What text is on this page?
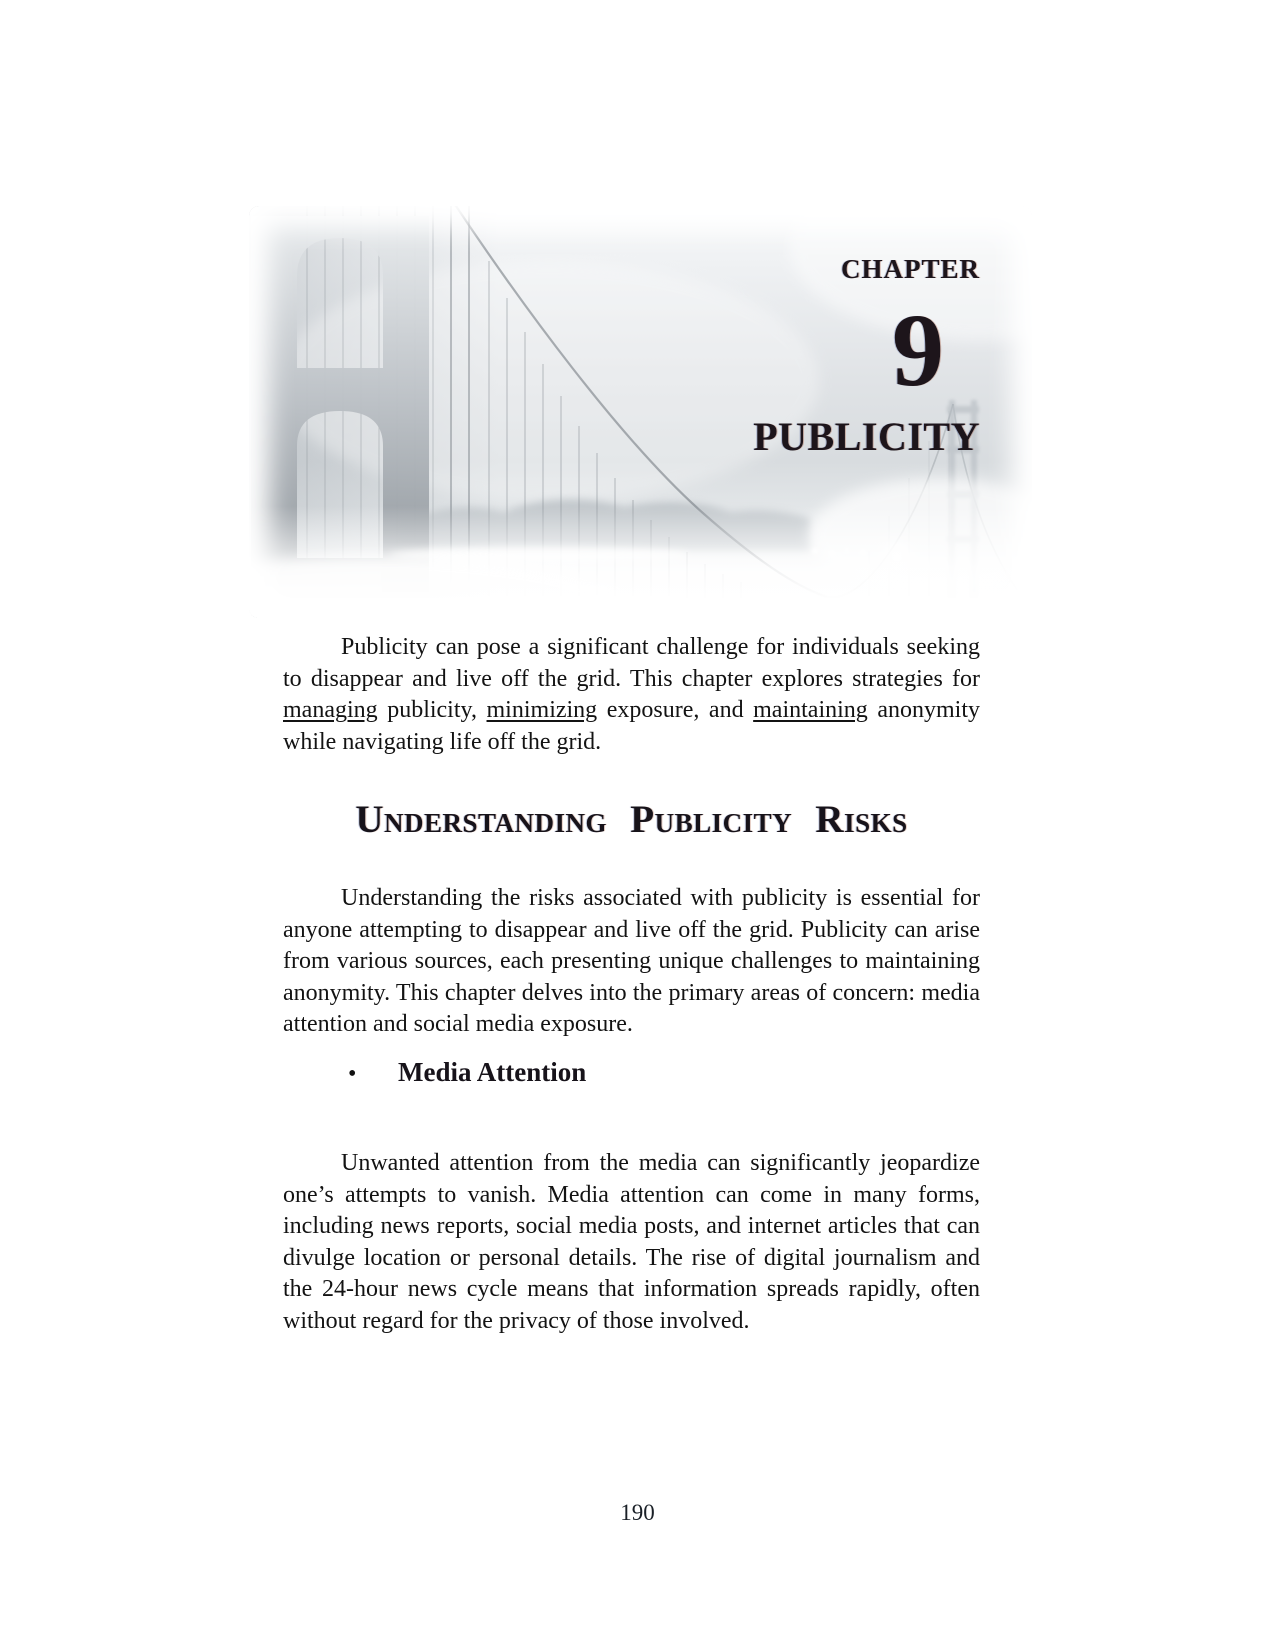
CHAPTER
9
PUBLICITY

Publicity can pose a significant challenge for individuals seeking to disappear and live off the grid. This chapter explores strategies for managing publicity, minimizing exposure, and maintaining anonymity while navigating life off the grid.

Understanding Publicity Risks

Understanding the risks associated with publicity is essential for anyone attempting to disappear and live off the grid. Publicity can arise from various sources, each presenting unique challenges to maintaining anonymity. This chapter delves into the primary areas of concern: media attention and social media exposure.

• Media Attention

Unwanted attention from the media can significantly jeopardize one’s attempts to vanish. Media attention can come in many forms, including news reports, social media posts, and internet articles that can divulge location or personal details. The rise of digital journalism and the 24-hour news cycle means that information spreads rapidly, often without regard for the privacy of those involved.

190
